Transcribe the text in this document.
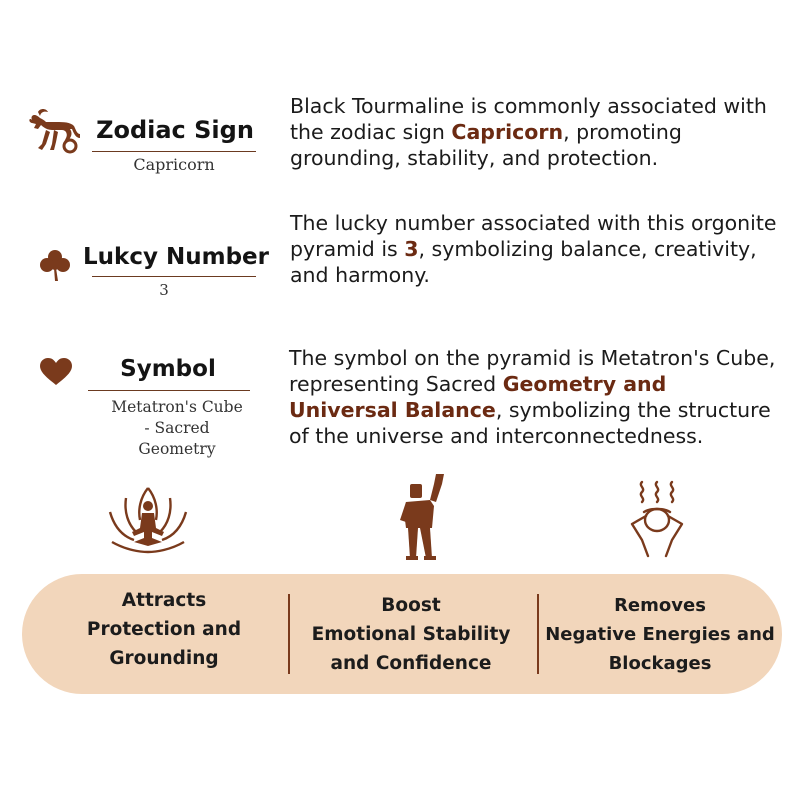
Zodiac Sign
Capricorn
Black Tourmaline is commonly associated with the zodiac sign Capricorn, promoting grounding, stability, and protection.
Lukcy Number
3
The lucky number associated with this orgonite pyramid is 3, symbolizing balance, creativity, and harmony.
Symbol
Metatron's Cube - Sacred Geometry
The symbol on the pyramid is Metatron's Cube, representing Sacred Geometry and Universal Balance, symbolizing the structure of the universe and interconnectedness.
Attracts
Protection and
Grounding
Boost
Emotional Stability
and Confidence
Removes
Negative Energies and
Blockages
